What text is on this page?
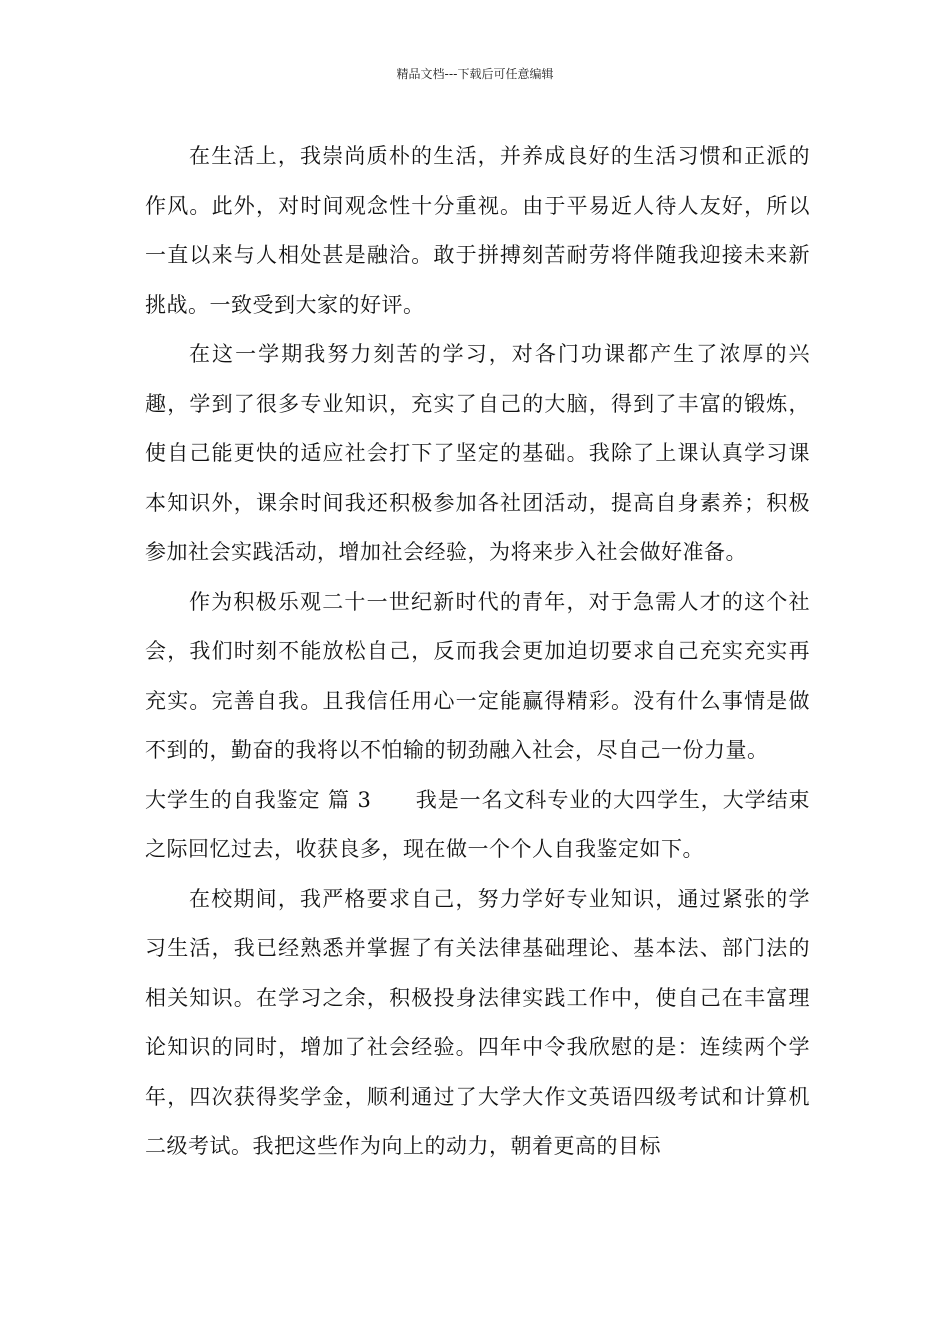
精品文档---下载后可任意编辑

在生活上，我崇尚质朴的生活，并养成良好的生活习惯和正派的作风。此外，对时间观念性十分重视。由于平易近人待人友好，所以一直以来与人相处甚是融洽。敢于拼搏刻苦耐劳将伴随我迎接未来新挑战。一致受到大家的好评。

在这一学期我努力刻苦的学习，对各门功课都产生了浓厚的兴趣，学到了很多专业知识，充实了自己的大脑，得到了丰富的锻炼，使自己能更快的适应社会打下了坚定的基础。我除了上课认真学习课本知识外，课余时间我还积极参加各社团活动，提高自身素养；积极参加社会实践活动，增加社会经验，为将来步入社会做好准备。

作为积极乐观二十一世纪新时代的青年，对于急需人才的这个社会，我们时刻不能放松自己，反而我会更加迫切要求自己充实充实再充实。完善自我。且我信任用心一定能赢得精彩。没有什么事情是做不到的，勤奋的我将以不怕输的韧劲融入社会，尽自己一份力量。

大学生的自我鉴定 篇 3 我是一名文科专业的大四学生，大学结束之际回忆过去，收获良多，现在做一个个人自我鉴定如下。

在校期间，我严格要求自己，努力学好专业知识，通过紧张的学习生活，我已经熟悉并掌握了有关法律基础理论、基本法、部门法的相关知识。在学习之余，积极投身法律实践工作中，使自己在丰富理论知识的同时，增加了社会经验。四年中令我欣慰的是：连续两个学年，四次获得奖学金，顺利通过了大学大作文英语四级考试和计算机二级考试。我把这些作为向上的动力，朝着更高的目标
